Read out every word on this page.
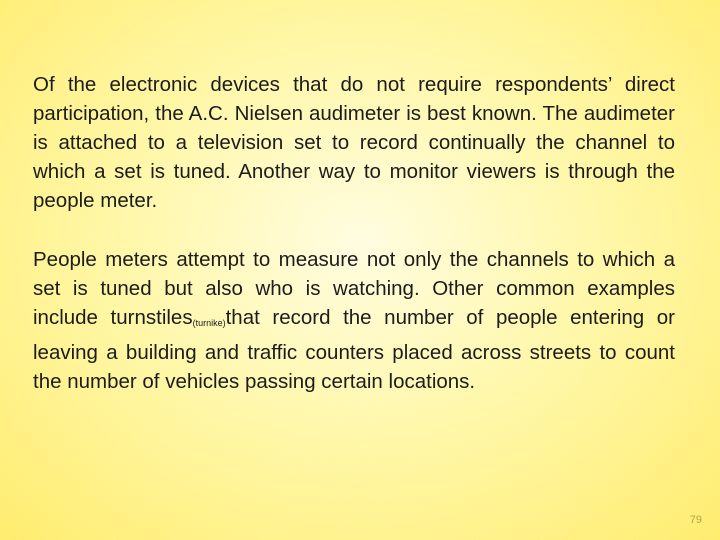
Of the electronic devices that do not require respondents’ direct participation, the A.C. Nielsen audimeter is best known. The audimeter is attached to a television set to record continually the channel to which a set is tuned. Another way to monitor viewers is through the people meter.

People meters attempt to measure not only the channels to which a set is tuned but also who is watching. Other common examples include turnstiles$_{(turnike)}$that record the number of people entering or leaving a building and traffic counters placed across streets to count the number of vehicles passing certain locations.

79
